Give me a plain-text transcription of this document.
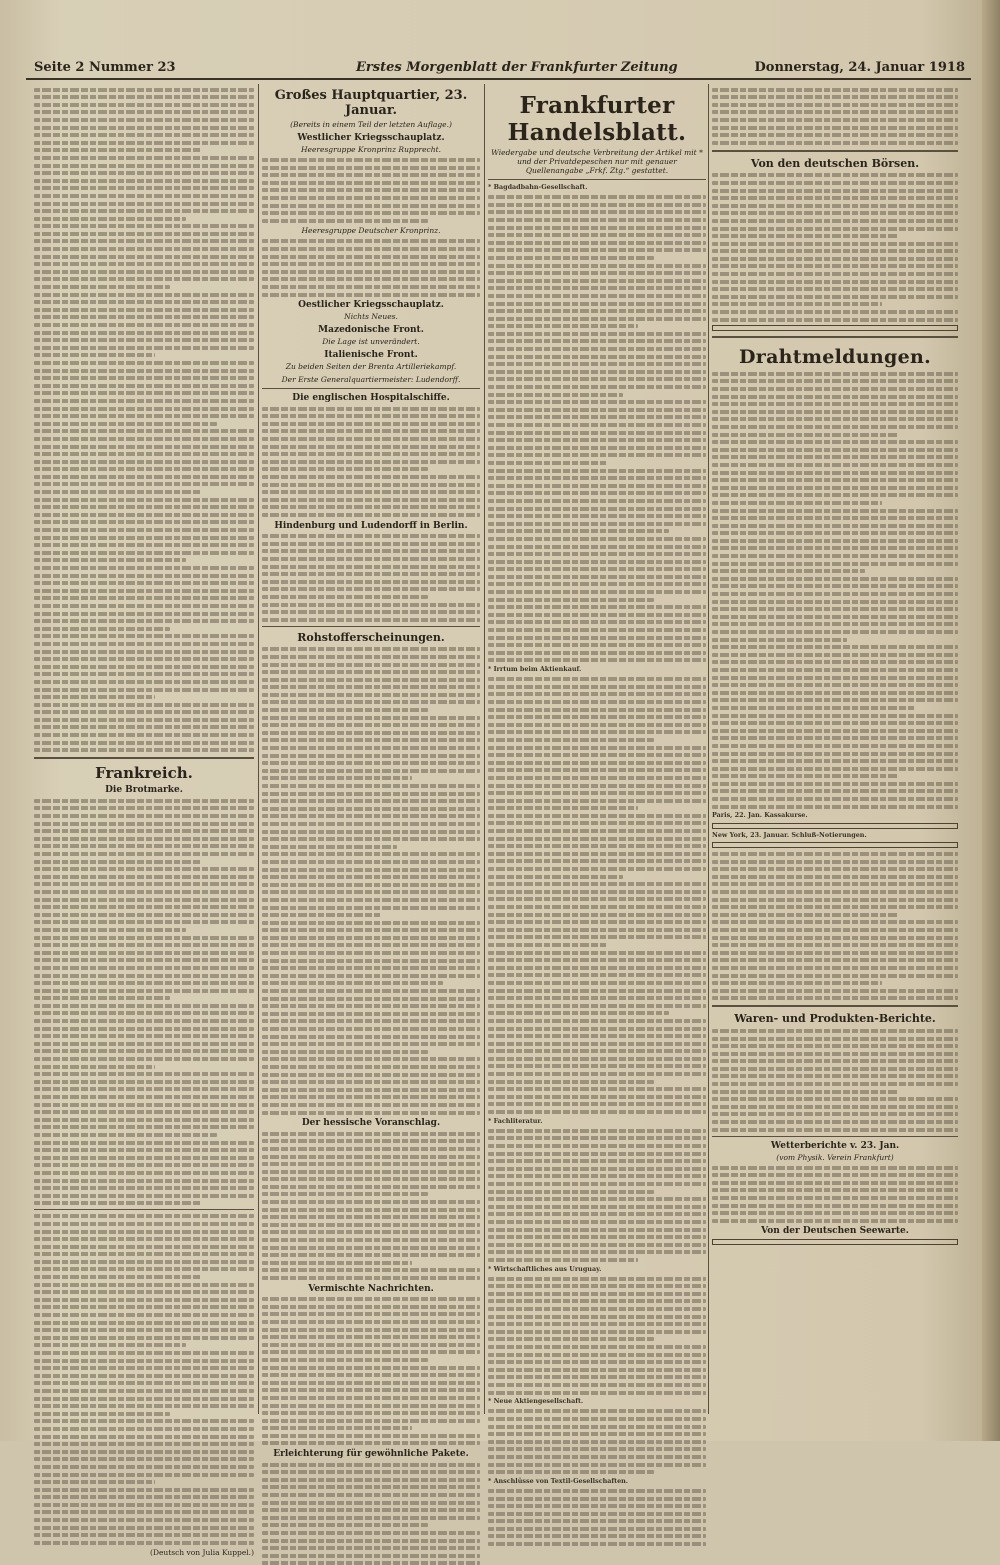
Seite 2 Nummer 23	Erstes Morgenblatt der Frankfurter Zeitung	Donnerstag, 24. Januar 1918
Frankreich.
Die Brotmarke.
(Deutsch von Julia Kuppel.)
Großes Hauptquartier, 23. Januar.
(Bereits in einem Teil der letzten Auflage.)
Westlicher Kriegsschauplatz.
Heeresgruppe Kronprinz Rupprecht.
Heeresgruppe Deutscher Kronprinz.
Oestlicher Kriegsschauplatz.
Nichts Neues.
Mazedonische Front.
Die Lage ist unverändert.
Italienische Front.
Zu beiden Seiten der Brenta Artilleriekampf.
Der Erste Generalquartiermeister: Ludendorff.
Die englischen Hospitalschiffe.
Hindenburg und Ludendorff in Berlin.
Rohstofferscheinungen.
Der hessische Voranschlag.
Vermischte Nachrichten.
Erleichterung für gewöhnliche Pakete.
Frankfurter Handelsblatt.
Wiedergabe und deutsche Verbreitung der Artikel mit * und der Privatdepeschen nur mit genauer Quellenangabe „Frkf. Ztg.“ gestattet.
* Bagdadbahn-Gesellschaft.
* Irrtum beim Aktienkauf.
* Fachliteratur.
* Wirtschaftliches aus Uruguay.
* Neue Aktiengesellschaft.
* Anschlüsse von Textil-Gesellschaften.
Von den deutschen Börsen.
Drahtmeldungen.
Paris, 22. Jan. Kassakurse.
New York, 23. Januar. Schluß-Notierungen.
Waren- und Produkten-Berichte.
Wetterberichte v. 23. Jan.
(vom Physik. Verein Frankfurt)
Von der Deutschen Seewarte.
